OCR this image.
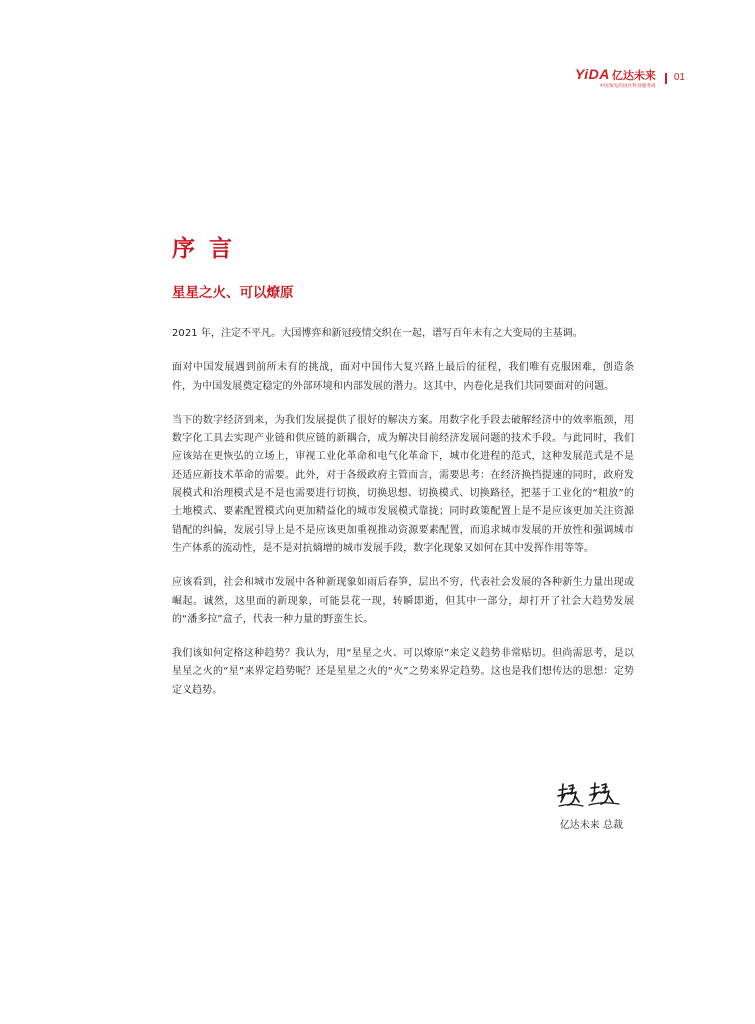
YiDA 亿达未来
中国领先的园区科技服务商
01
序 言
星星之火、可以燎原

2021 年，注定不平凡。大国博弈和新冠疫情交织在一起，谱写百年未有之大变局的主基调。

面对中国发展遇到前所未有的挑战，面对中国伟大复兴路上最后的征程，我们唯有克服困难，创造条件，为中国发展奠定稳定的外部环境和内部发展的潜力。这其中，内卷化是我们共同要面对的问题。

当下的数字经济到来，为我们发展提供了很好的解决方案。用数字化手段去破解经济中的效率瓶颈，用数字化工具去实现产业链和供应链的新耦合，成为解决目前经济发展问题的技术手段。与此同时，我们应该站在更恢弘的立场上，审视工业化革命和电气化革命下，城市化进程的范式，这种发展范式是不是还适应新技术革命的需要。此外，对于各级政府主管而言，需要思考：在经济换挡提速的同时，政府发展模式和治理模式是不是也需要进行切换，切换思想、切换模式、切换路径，把基于工业化的“粗放”的土地模式、要素配置模式向更加精益化的城市发展模式靠拢；同时政策配置上是不是应该更加关注资源错配的纠偏，发展引导上是不是应该更加重视推动资源要素配置，而追求城市发展的开放性和强调城市生产体系的流动性，是不是对抗熵增的城市发展手段，数字化现象又如何在其中发挥作用等等。

应该看到，社会和城市发展中各种新现象如雨后春笋，层出不穷，代表社会发展的各种新生力量出现或崛起。诚然，这里面的新现象，可能昙花一现，转瞬即逝，但其中一部分，却打开了社会大趋势发展的“潘多拉”盒子，代表一种力量的野蛮生长。

我们该如何定格这种趋势？我认为，用“星星之火、可以燎原”来定义趋势非常贴切。但尚需思考，是以星星之火的“星”来界定趋势呢？还是星星之火的“火”之势来界定趋势。这也是我们想传达的思想：定势定义趋势。

亿达未来 总裁
